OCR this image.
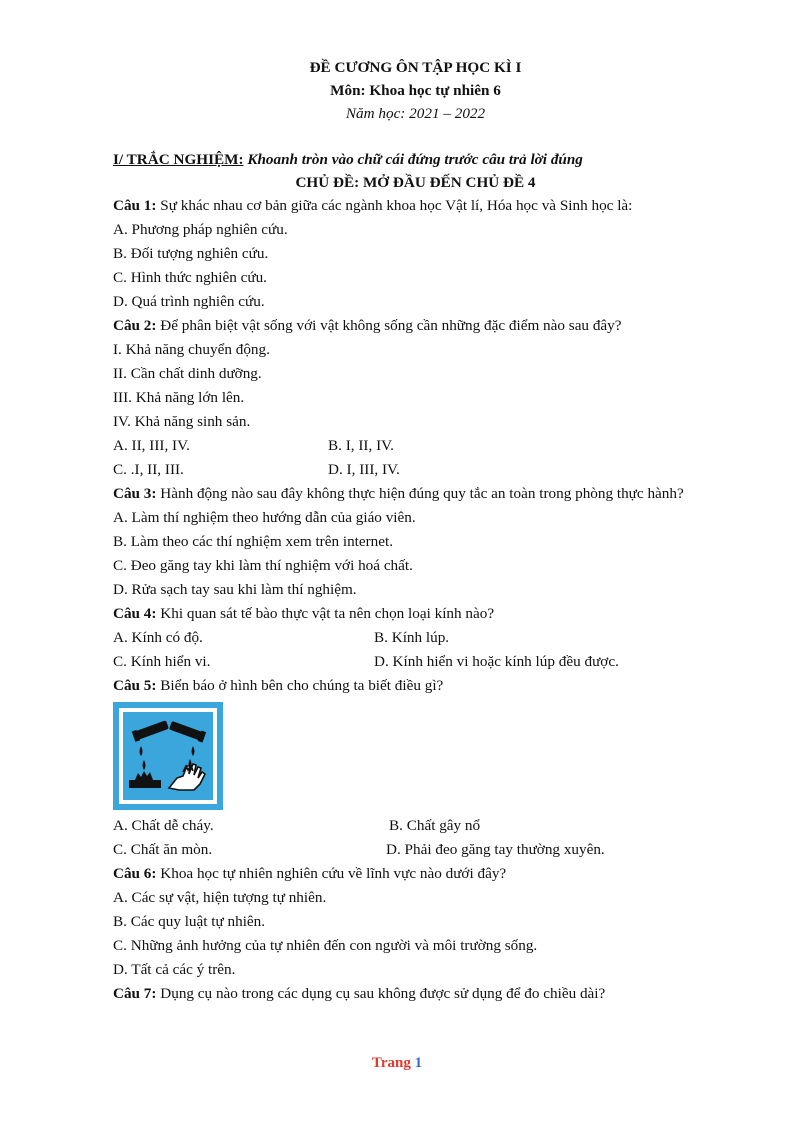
ĐỀ CƯƠNG ÔN TẬP HỌC KÌ I
Môn: Khoa học tự nhiên 6
Năm học: 2021 – 2022
I/ TRẮC NGHIỆM: Khoanh tròn vào chữ cái đứng trước câu trả lời đúng
CHỦ ĐỀ: MỞ ĐẦU ĐẾN CHỦ ĐỀ 4
Câu 1: Sự khác nhau cơ bản giữa các ngành khoa học Vật lí, Hóa học và Sinh học là:
A. Phương pháp nghiên cứu.
B. Đối tượng nghiên cứu.
C. Hình thức nghiên cứu.
D. Quá trình nghiên cứu.
Câu 2: Để phân biệt vật sống với vật không sống cần những đặc điểm nào sau đây?
I. Khả năng chuyển động.
II. Cần chất dinh dưỡng.
III. Khả năng lớn lên.
IV. Khả năng sinh sản.
A. II, III, IV.	B. I, II, IV.
C. .I, II, III.	D. I, III, IV.
Câu 3: Hành động nào sau đây không thực hiện đúng quy tắc an toàn trong phòng thực hành?
A. Làm thí nghiệm theo hướng dẫn của giáo viên.
B. Làm theo các thí nghiệm xem trên internet.
C. Đeo găng tay khi làm thí nghiệm với hoá chất.
D. Rửa sạch tay sau khi làm thí nghiệm.
Câu 4: Khi quan sát tế bào thực vật ta nên chọn loại kính nào?
A. Kính có độ.	B. Kính lúp.
C. Kính hiển vi.	D. Kính hiển vi hoặc kính lúp đều được.
Câu 5: Biển báo ở hình bên cho chúng ta biết điều gì?
A. Chất dễ cháy.	B. Chất gây nổ
C. Chất ăn mòn.	D. Phải đeo găng tay thường xuyên.
Câu 6: Khoa học tự nhiên nghiên cứu về lĩnh vực nào dưới đây?
A. Các sự vật, hiện tượng tự nhiên.
B. Các quy luật tự nhiên.
C. Những ảnh hưởng của tự nhiên đến con người và môi trường sống.
D. Tất cả các ý trên.
Câu 7: Dụng cụ nào trong các dụng cụ sau không được sử dụng để đo chiều dài?
Trang 1
